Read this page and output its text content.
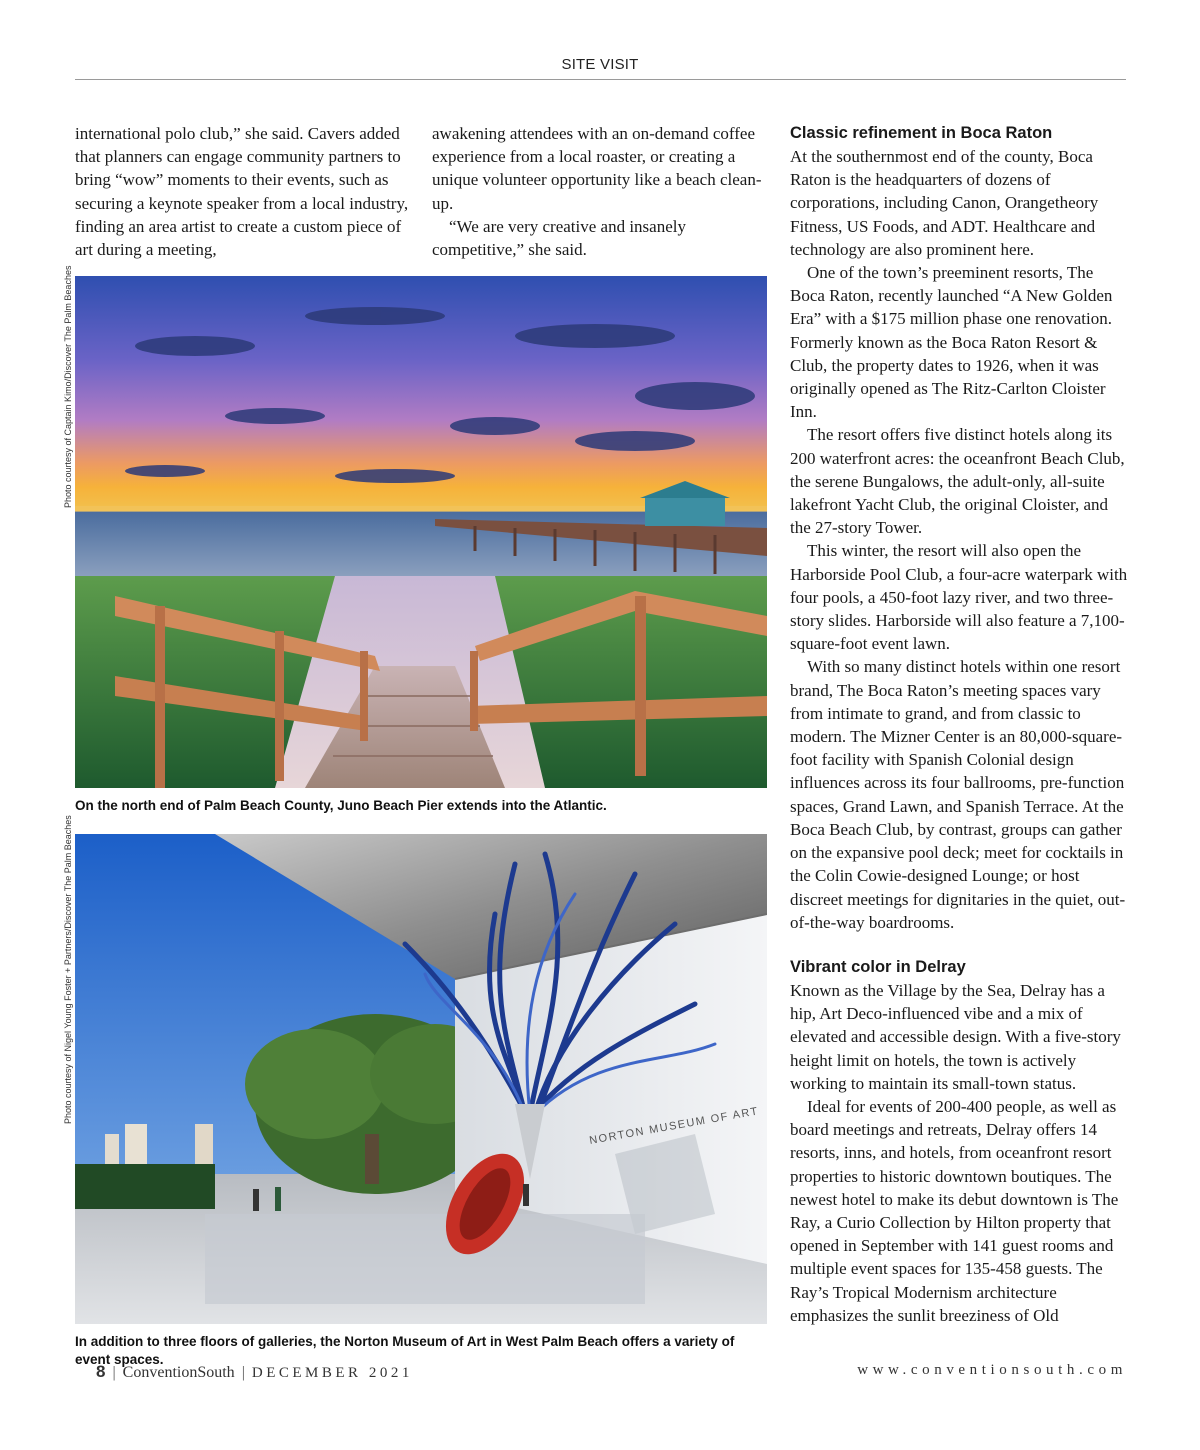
SITE VISIT

international polo club,” she said. Cavers added that planners can engage community partners to bring “wow” moments to their events, such as securing a keynote speaker from a local industry, finding an area artist to create a custom piece of art during a meeting,

awakening attendees with an on-demand coffee experience from a local roaster, or creating a unique volunteer opportunity like a beach clean-up.

“We are very creative and insanely competitive,” she said.

Classic refinement in Boca Raton

At the southernmost end of the county, Boca Raton is the headquarters of dozens of corporations, including Canon, Orangetheory Fitness, US Foods, and ADT. Healthcare and technology are also prominent here.

One of the town’s preeminent resorts, The Boca Raton, recently launched “A New Golden Era” with a $175 million phase one renovation. Formerly known as the Boca Raton Resort & Club, the property dates to 1926, when it was originally opened as The Ritz-Carlton Cloister Inn.

The resort offers five distinct hotels along its 200 waterfront acres: the oceanfront Beach Club, the serene Bungalows, the adult-only, all-suite lakefront Yacht Club, the original Cloister, and the 27-story Tower.

This winter, the resort will also open the Harborside Pool Club, a four-acre waterpark with four pools, a 450-foot lazy river, and two three-story slides. Harborside will also feature a 7,100-square-foot event lawn.

With so many distinct hotels within one resort brand, The Boca Raton’s meeting spaces vary from intimate to grand, and from classic to modern. The Mizner Center is an 80,000-square-foot facility with Spanish Colonial design influences across its four ballrooms, pre-function spaces, Grand Lawn, and Spanish Terrace. At the Boca Beach Club, by contrast, groups can gather on the expansive pool deck; meet for cocktails in the Colin Cowie-designed Lounge; or host discreet meetings for dignitaries in the quiet, out-of-the-way boardrooms.

Vibrant color in Delray

Known as the Village by the Sea, Delray has a hip, Art Deco-influenced vibe and a mix of elevated and accessible design. With a five-story height limit on hotels, the town is actively working to maintain its small-town status.

Ideal for events of 200-400 people, as well as board meetings and retreats, Delray offers 14 resorts, inns, and hotels, from oceanfront resort properties to historic downtown boutiques. The newest hotel to make its debut downtown is The Ray, a Curio Collection by Hilton property that opened in September with 141 guest rooms and multiple event spaces for 135-458 guests. The Ray’s Tropical Modernism architecture emphasizes the sunlit breeziness of Old

Photo courtesy of Captain Kimo/Discover The Palm Beaches
On the north end of Palm Beach County, Juno Beach Pier extends into the Atlantic.
Photo courtesy of Nigel Young Foster + Partners/Discover The Palm Beaches
NORTON MUSEUM OF ART
In addition to three floors of galleries, the Norton Museum of Art in West Palm Beach offers a variety of event spaces.
8 | ConventionSouth | DECEMBER 2021	www.conventionsouth.com
